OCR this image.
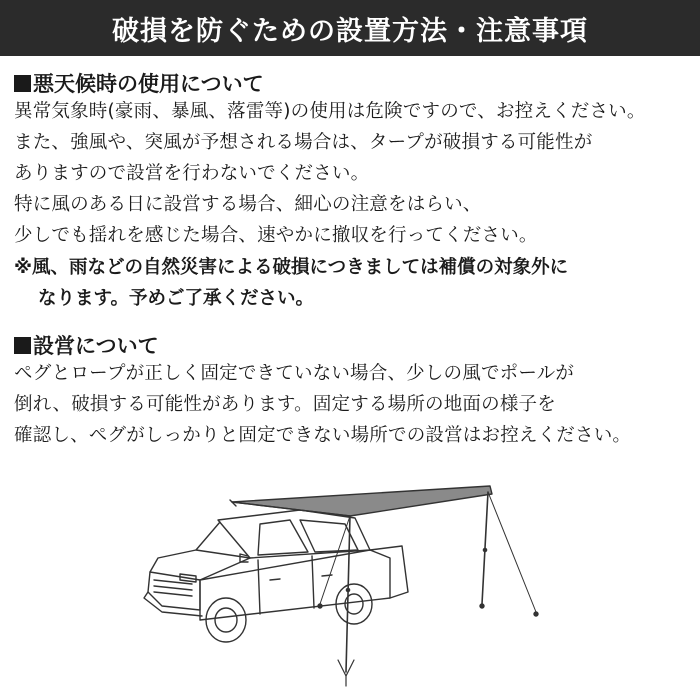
破損を防ぐための設置方法・注意事項
悪天候時の使用について
異常気象時(豪雨、暴風、落雷等)の使用は危険ですので、お控えください。
また、強風や、突風が予想される場合は、タープが破損する可能性が
ありますので設営を行わないでください。
特に風のある日に設営する場合、細心の注意をはらい、
少しでも揺れを感じた場合、速やかに撤収を行ってください。
※風、雨などの自然災害による破損につきましては補償の対象外に
なります。予めご了承ください。
設営について
ペグとロープが正しく固定できていない場合、少しの風でポールが
倒れ、破損する可能性があります。固定する場所の地面の様子を
確認し、ペグがしっかりと固定できない場所での設営はお控えください。
